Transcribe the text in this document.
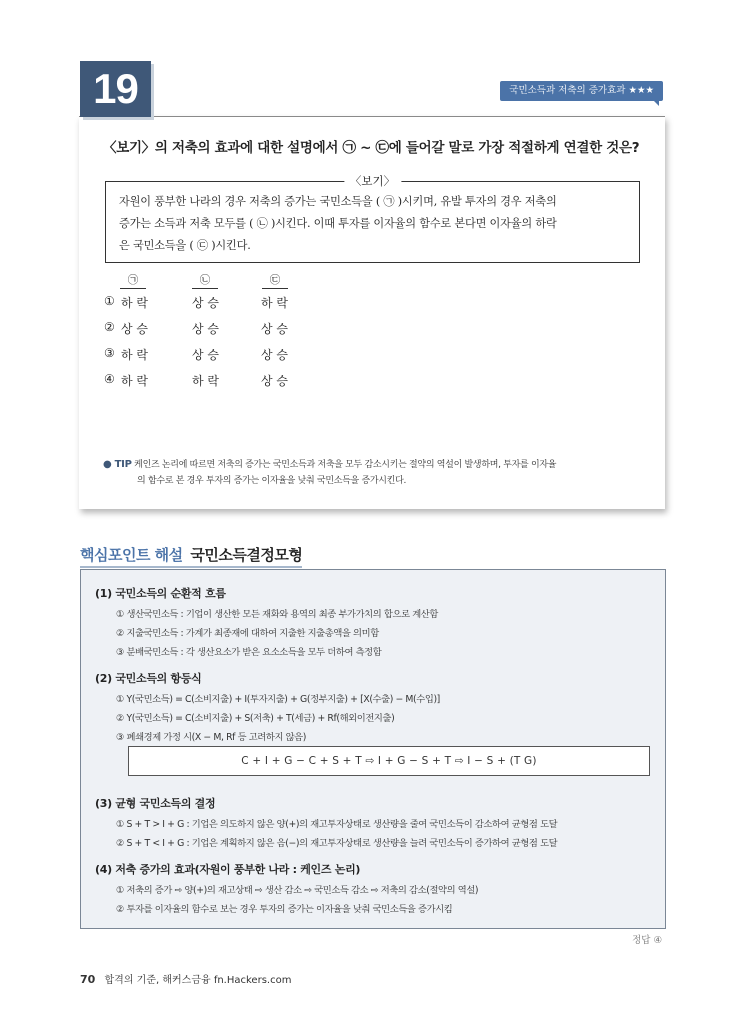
19	국민소득과 저축의 증가효과 ★★★
〈보기〉의 저축의 효과에 대한 설명에서 ㉠ ~ ㉢에 들어갈 말로 가장 적절하게 연결한 것은?
〈보기〉
자원이 풍부한 나라의 경우 저축의 증가는 국민소득을 ( ㉠ )시키며, 유발 투자의 경우 저축의
증가는 소득과 저축 모두를 ( ㉡ )시킨다. 이때 투자를 이자율의 함수로 본다면 이자율의 하락
은 국민소득을 ( ㉢ )시킨다.
㉠	㉡	㉢
① 하 락	상 승	하 락
② 상 승	상 승	상 승
③ 하 락	상 승	상 승
④ 하 락	하 락	상 승
● TIP 케인즈 논리에 따르면 저축의 증가는 국민소득과 저축을 모두 감소시키는 절약의 역설이 발생하며, 투자를 이자율
의 함수로 본 경우 투자의 증가는 이자율을 낮춰 국민소득을 증가시킨다.
핵심포인트 해설 국민소득결정모형
(1) 국민소득의 순환적 흐름
① 생산국민소득 : 기업이 생산한 모든 재화와 용역의 최종 부가가치의 합으로 계산함
② 지출국민소득 : 가계가 최종재에 대하여 지출한 지출총액을 의미함
③ 분배국민소득 : 각 생산요소가 받은 요소소득을 모두 더하여 측정함
(2) 국민소득의 항등식
① Y(국민소득) = C(소비지출) + I(투자지출) + G(정부지출) + [X(수출) − M(수입)]
② Y(국민소득) = C(소비지출) + S(저축) + T(세금) + Rf(해외이전지출)
③ 폐쇄경제 가정 시(X − M, Rf 등 고려하지 않음)
C + I + G − C + S + T ⇨ I + G − S + T ⇨ I − S + (T G)
(3) 균형 국민소득의 결정
① S + T > I + G : 기업은 의도하지 않은 양(+)의 재고투자상태로 생산량을 줄여 국민소득이 감소하여 균형점 도달
② S + T < I + G : 기업은 계획하지 않은 음(−)의 재고투자상태로 생산량을 늘려 국민소득이 증가하여 균형점 도달
(4) 저축 증가의 효과(자원이 풍부한 나라 : 케인즈 논리)
① 저축의 증가 ⇨ 양(+)의 재고상태 ⇨ 생산 감소 ⇨ 국민소득 감소 ⇨ 저축의 감소(절약의 역설)
② 투자를 이자율의 함수로 보는 경우 투자의 증가는 이자율을 낮춰 국민소득을 증가시킴
정답 ④
70 합격의 기준, 해커스금융 fn.Hackers.com
